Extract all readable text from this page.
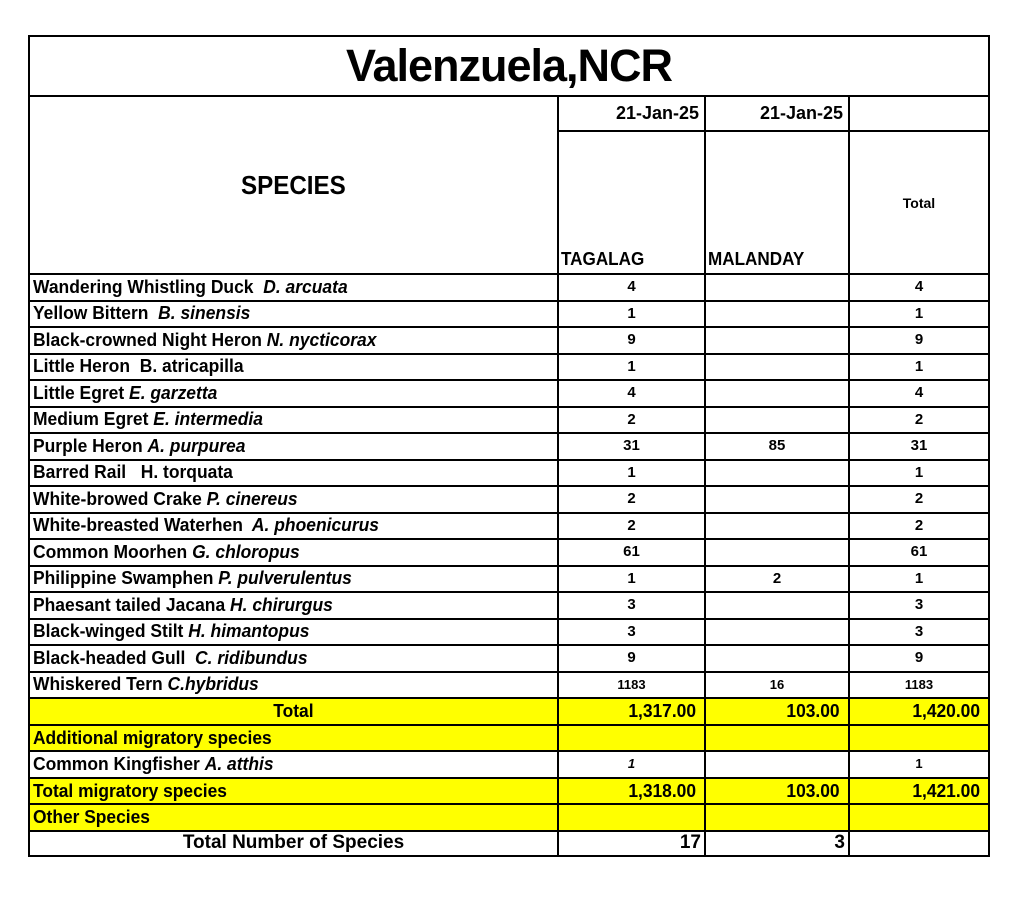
Valenzuela,NCR			
SPECIES	21-Jan-25	21-Jan-25	
	TAGALAG	MALANDAY	Total
Wandering Whistling Duck  D. arcuata	4		4
Yellow Bittern  B. sinensis	1		1
Black-crowned Night Heron N. nycticorax	9		9
Little Heron  B. atricapilla	1		1
Little Egret E. garzetta	4		4
Medium Egret E. intermedia	2		2
Purple Heron A. purpurea	31	85	31
Barred Rail   H. torquata	1		1
White-browed Crake P. cinereus	2		2
White-breasted Waterhen  A. phoenicurus	2		2
Common Moorhen G. chloropus	61		61
Philippine Swamphen P. pulverulentus	1	2	1
Phaesant tailed Jacana H. chirurgus	3		3
Black-winged Stilt H. himantopus	3		3
Black-headed Gull  C. ridibundus	9		9
Whiskered Tern C.hybridus	1183	16	1183
Total	1,317.00	103.00	1,420.00
Additional migratory species			
Common Kingfisher A. atthis	1		1
Total migratory species	1,318.00	103.00	1,421.00
Other Species			
Total Number of Species	17	3	
